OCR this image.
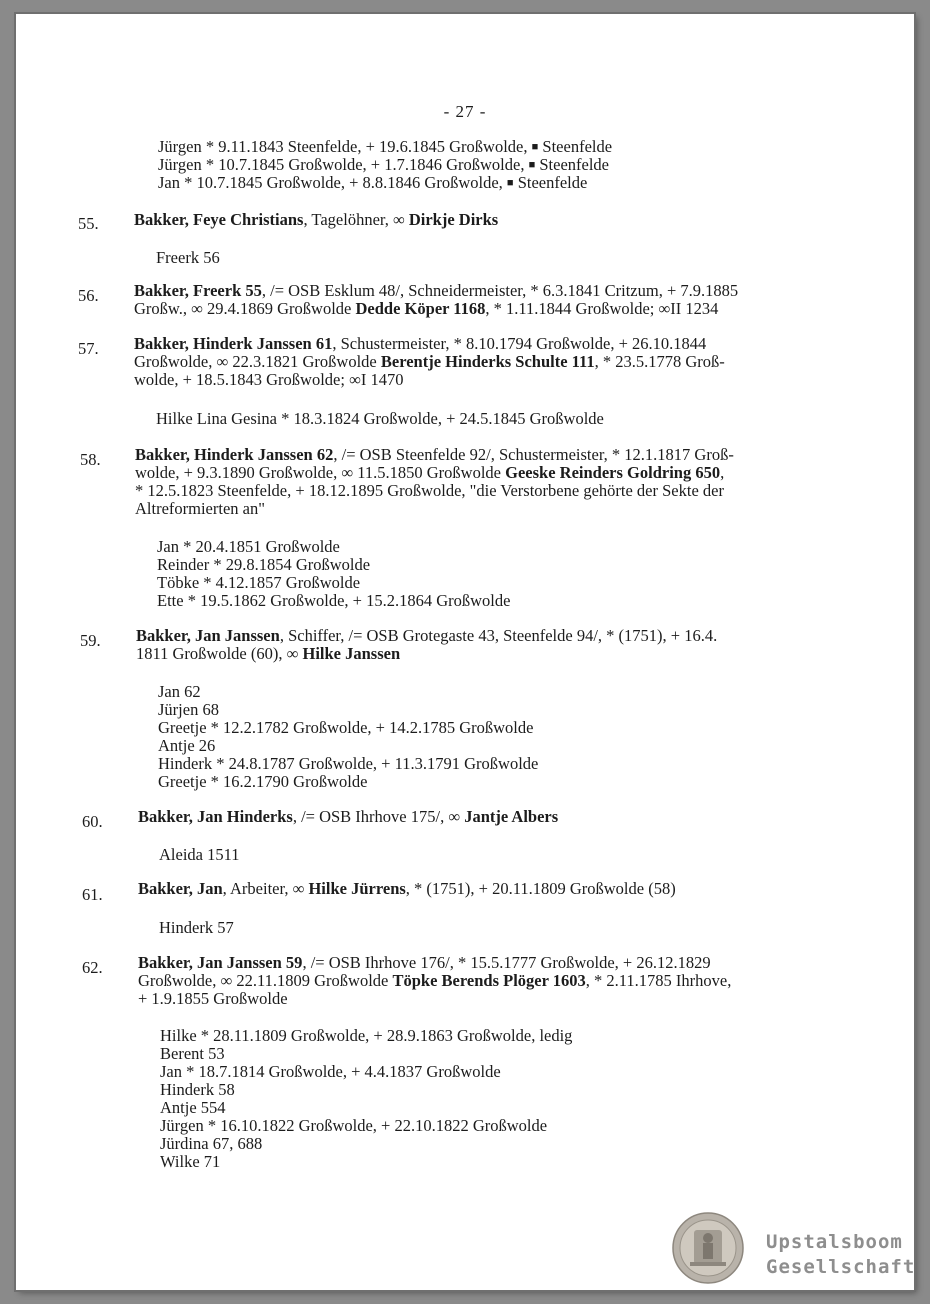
- 27 -
Jürgen * 9.11.1843 Steenfelde, + 19.6.1845 Großwolde, ■ Steenfelde
Jürgen * 10.7.1845 Großwolde, + 1.7.1846 Großwolde, ■ Steenfelde
Jan * 10.7.1845 Großwolde, + 8.8.1846 Großwolde, ■ Steenfelde
55.	Bakker, Feye Christians, Tagelöhner, ∞ Dirkje Dirks
Freerk 56
56.	Bakker, Freerk 55, /= OSB Esklum 48/, Schneidermeister, * 6.3.1841 Critzum, + 7.9.1885
Großw., ∞ 29.4.1869 Großwolde Dedde Köper 1168, * 1.11.1844 Großwolde; ∞II 1234
57.	Bakker, Hinderk Janssen 61, Schustermeister, * 8.10.1794 Großwolde, + 26.10.1844
Großwolde, ∞ 22.3.1821 Großwolde Berentje Hinderks Schulte 111, * 23.5.1778 Groß-
wolde, + 18.5.1843 Großwolde; ∞I 1470
Hilke Lina Gesina * 18.3.1824 Großwolde, + 24.5.1845 Großwolde
58.	Bakker, Hinderk Janssen 62, /= OSB Steenfelde 92/, Schustermeister, * 12.1.1817 Groß-
wolde, + 9.3.1890 Großwolde, ∞ 11.5.1850 Großwolde Geeske Reinders Goldring 650,
* 12.5.1823 Steenfelde, + 18.12.1895 Großwolde, "die Verstorbene gehörte der Sekte der
Altreformierten an"
Jan * 20.4.1851 Großwolde
Reinder * 29.8.1854 Großwolde
Töbke * 4.12.1857 Großwolde
Ette * 19.5.1862 Großwolde, + 15.2.1864 Großwolde
59.	Bakker, Jan Janssen, Schiffer, /= OSB Grotegaste 43, Steenfelde 94/, * (1751), + 16.4.
1811 Großwolde (60), ∞ Hilke Janssen
Jan 62
Jürjen 68
Greetje * 12.2.1782 Großwolde, + 14.2.1785 Großwolde
Antje 26
Hinderk * 24.8.1787 Großwolde, + 11.3.1791 Großwolde
Greetje * 16.2.1790 Großwolde
60.	Bakker, Jan Hinderks, /= OSB Ihrhove 175/, ∞ Jantje Albers
Aleida 1511
61.	Bakker, Jan, Arbeiter, ∞ Hilke Jürrens, * (1751), + 20.11.1809 Großwolde (58)
Hinderk 57
62.	Bakker, Jan Janssen 59, /= OSB Ihrhove 176/, * 15.5.1777 Großwolde, + 26.12.1829
Großwolde, ∞ 22.11.1809 Großwolde Töpke Berends Plöger 1603, * 2.11.1785 Ihrhove,
+ 1.9.1855 Großwolde
Hilke * 28.11.1809 Großwolde, + 28.9.1863 Großwolde, ledig
Berent 53
Jan * 18.7.1814 Großwolde, + 4.4.1837 Großwolde
Hinderk 58
Antje 554
Jürgen * 16.10.1822 Großwolde, + 22.10.1822 Großwolde
Jürdina 67, 688
Wilke 71
Upstalsboom
Gesellschaft
